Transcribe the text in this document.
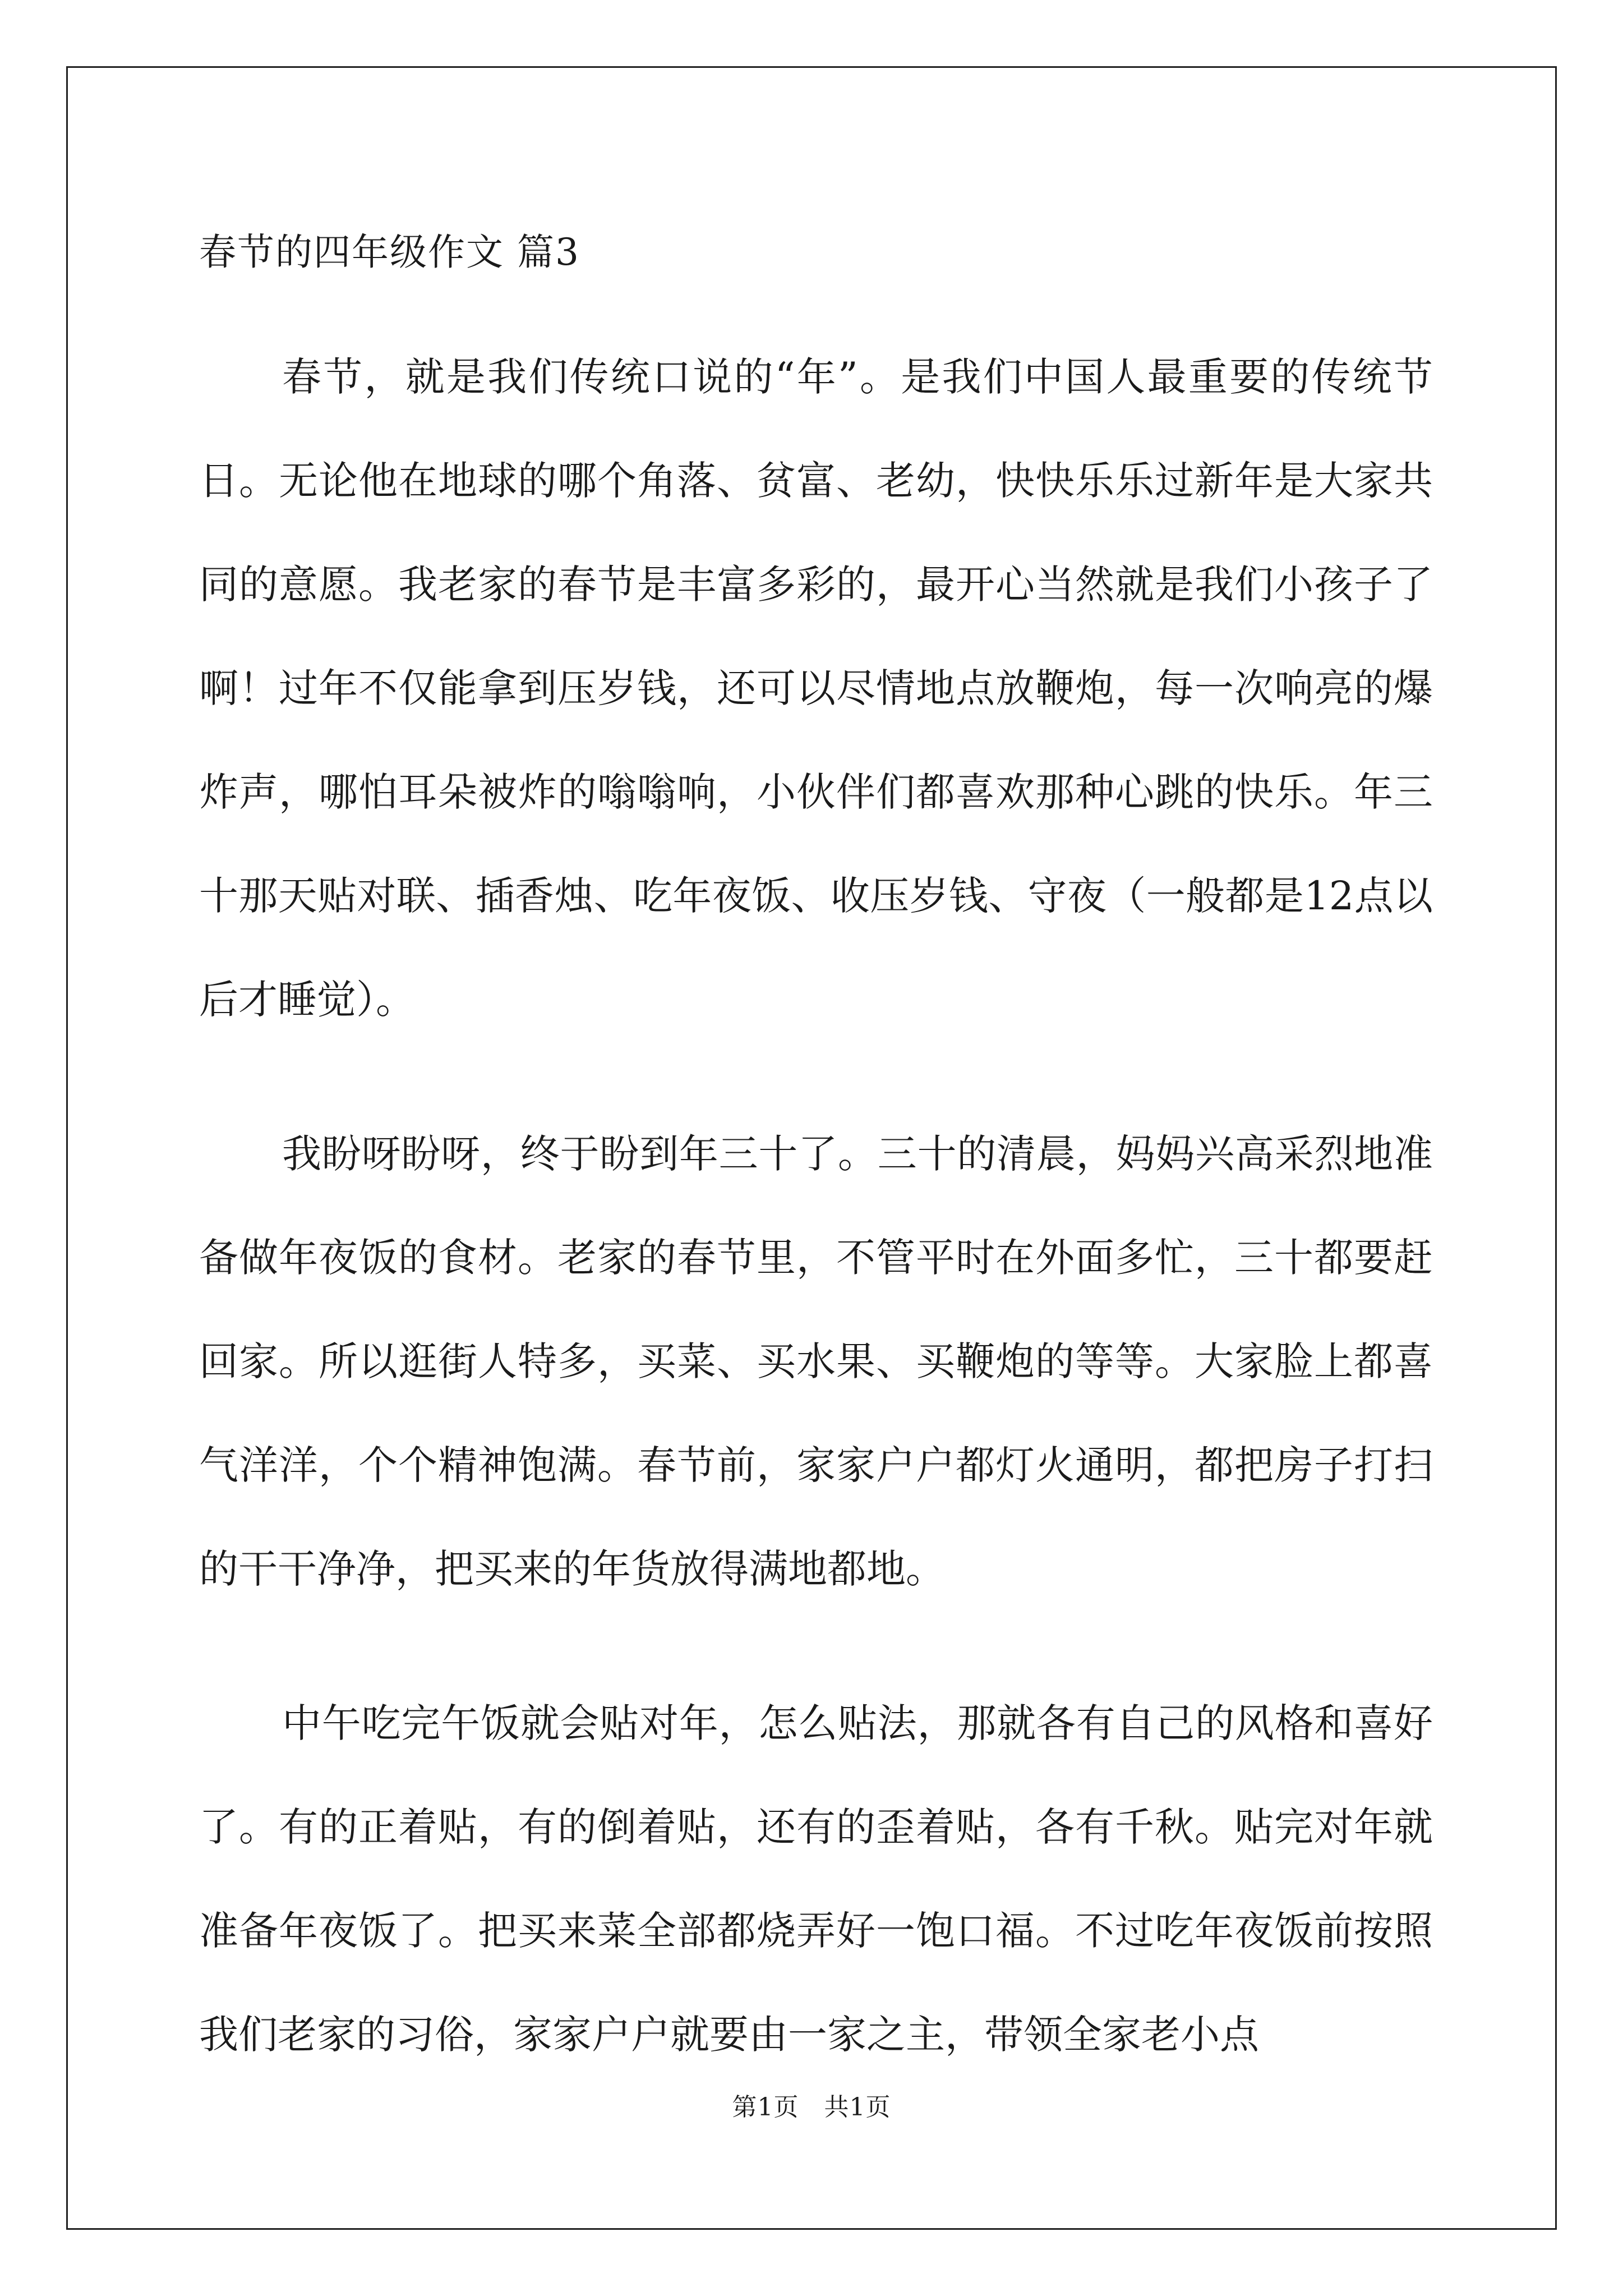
春节的四年级作文 篇3

春节，就是我们传统口说的“年”。是我们中国人最重要的传统节日。无论他在地球的哪个角落、贫富、老幼，快快乐乐过新年是大家共同的意愿。我老家的春节是丰富多彩的，最开心当然就是我们小孩子了啊！过年不仅能拿到压岁钱，还可以尽情地点放鞭炮，每一次响亮的爆炸声，哪怕耳朵被炸的嗡嗡响，小伙伴们都喜欢那种心跳的快乐。年三十那天贴对联、插香烛、吃年夜饭、收压岁钱、守夜（一般都是12点以后才睡觉）。

我盼呀盼呀，终于盼到年三十了。三十的清晨，妈妈兴高采烈地准备做年夜饭的食材。老家的春节里，不管平时在外面多忙，三十都要赶回家。所以逛街人特多，买菜、买水果、买鞭炮的等等。大家脸上都喜气洋洋，个个精神饱满。春节前，家家户户都灯火通明，都把房子打扫的干干净净，把买来的年货放得满地都地。

中午吃完午饭就会贴对年，怎么贴法，那就各有自己的风格和喜好了。有的正着贴，有的倒着贴，还有的歪着贴，各有千秋。贴完对年就准备年夜饭了。把买来菜全部都烧弄好一饱口福。不过吃年夜饭前按照我们老家的习俗，家家户户就要由一家之主，带领全家老小点

第1页 共1页
